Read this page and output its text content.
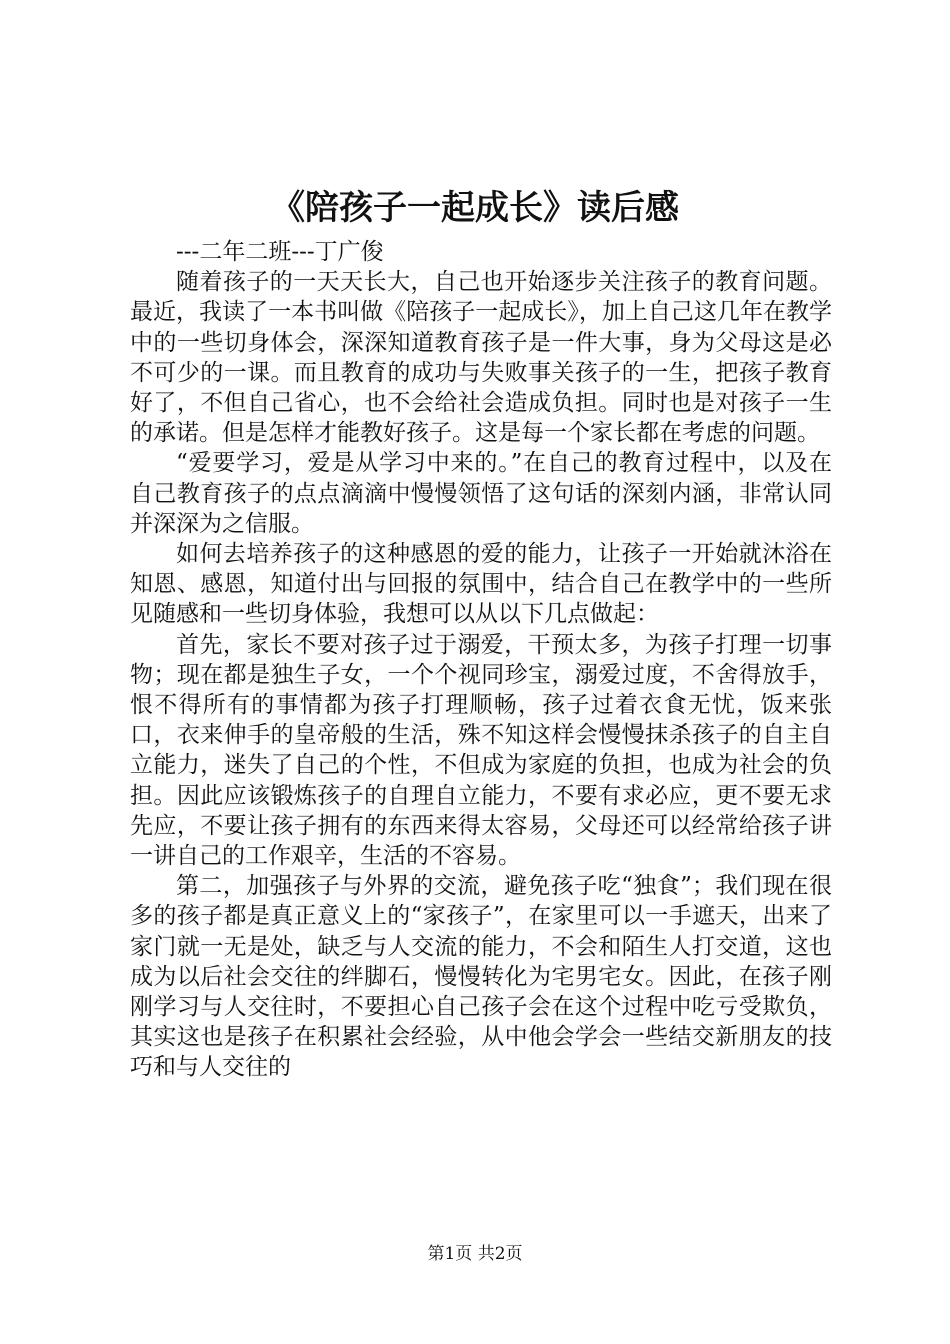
《陪孩子一起成长》读后感

---二年二班---丁广俊

随着孩子的一天天长大，自己也开始逐步关注孩子的教育问题。最近，我读了一本书叫做《陪孩子一起成长》，加上自己这几年在教学中的一些切身体会，深深知道教育孩子是一件大事，身为父母这是必不可少的一课。而且教育的成功与失败事关孩子的一生，把孩子教育好了，不但自己省心，也不会给社会造成负担。同时也是对孩子一生的承诺。但是怎样才能教好孩子。这是每一个家长都在考虑的问题。

“爱要学习，爱是从学习中来的。”在自己的教育过程中，以及在自己教育孩子的点点滴滴中慢慢领悟了这句话的深刻内涵，非常认同并深深为之信服。

如何去培养孩子的这种感恩的爱的能力，让孩子一开始就沐浴在知恩、感恩，知道付出与回报的氛围中，结合自己在教学中的一些所见随感和一些切身体验，我想可以从以下几点做起：

首先，家长不要对孩子过于溺爱，干预太多，为孩子打理一切事物；现在都是独生子女，一个个视同珍宝，溺爱过度，不舍得放手，恨不得所有的事情都为孩子打理顺畅，孩子过着衣食无忧，饭来张口，衣来伸手的皇帝般的生活，殊不知这样会慢慢抹杀孩子的自主自立能力，迷失了自己的个性，不但成为家庭的负担，也成为社会的负担。因此应该锻炼孩子的自理自立能力，不要有求必应，更不要无求先应，不要让孩子拥有的东西来得太容易，父母还可以经常给孩子讲一讲自己的工作艰辛，生活的不容易。

第二，加强孩子与外界的交流，避免孩子吃“独食”；我们现在很多的孩子都是真正意义上的“家孩子”，在家里可以一手遮天，出来了家门就一无是处，缺乏与人交流的能力，不会和陌生人打交道，这也成为以后社会交往的绊脚石，慢慢转化为宅男宅女。因此，在孩子刚刚学习与人交往时，不要担心自己孩子会在这个过程中吃亏受欺负，其实这也是孩子在积累社会经验，从中他会学会一些结交新朋友的技巧和与人交往的

第1页 共2页
